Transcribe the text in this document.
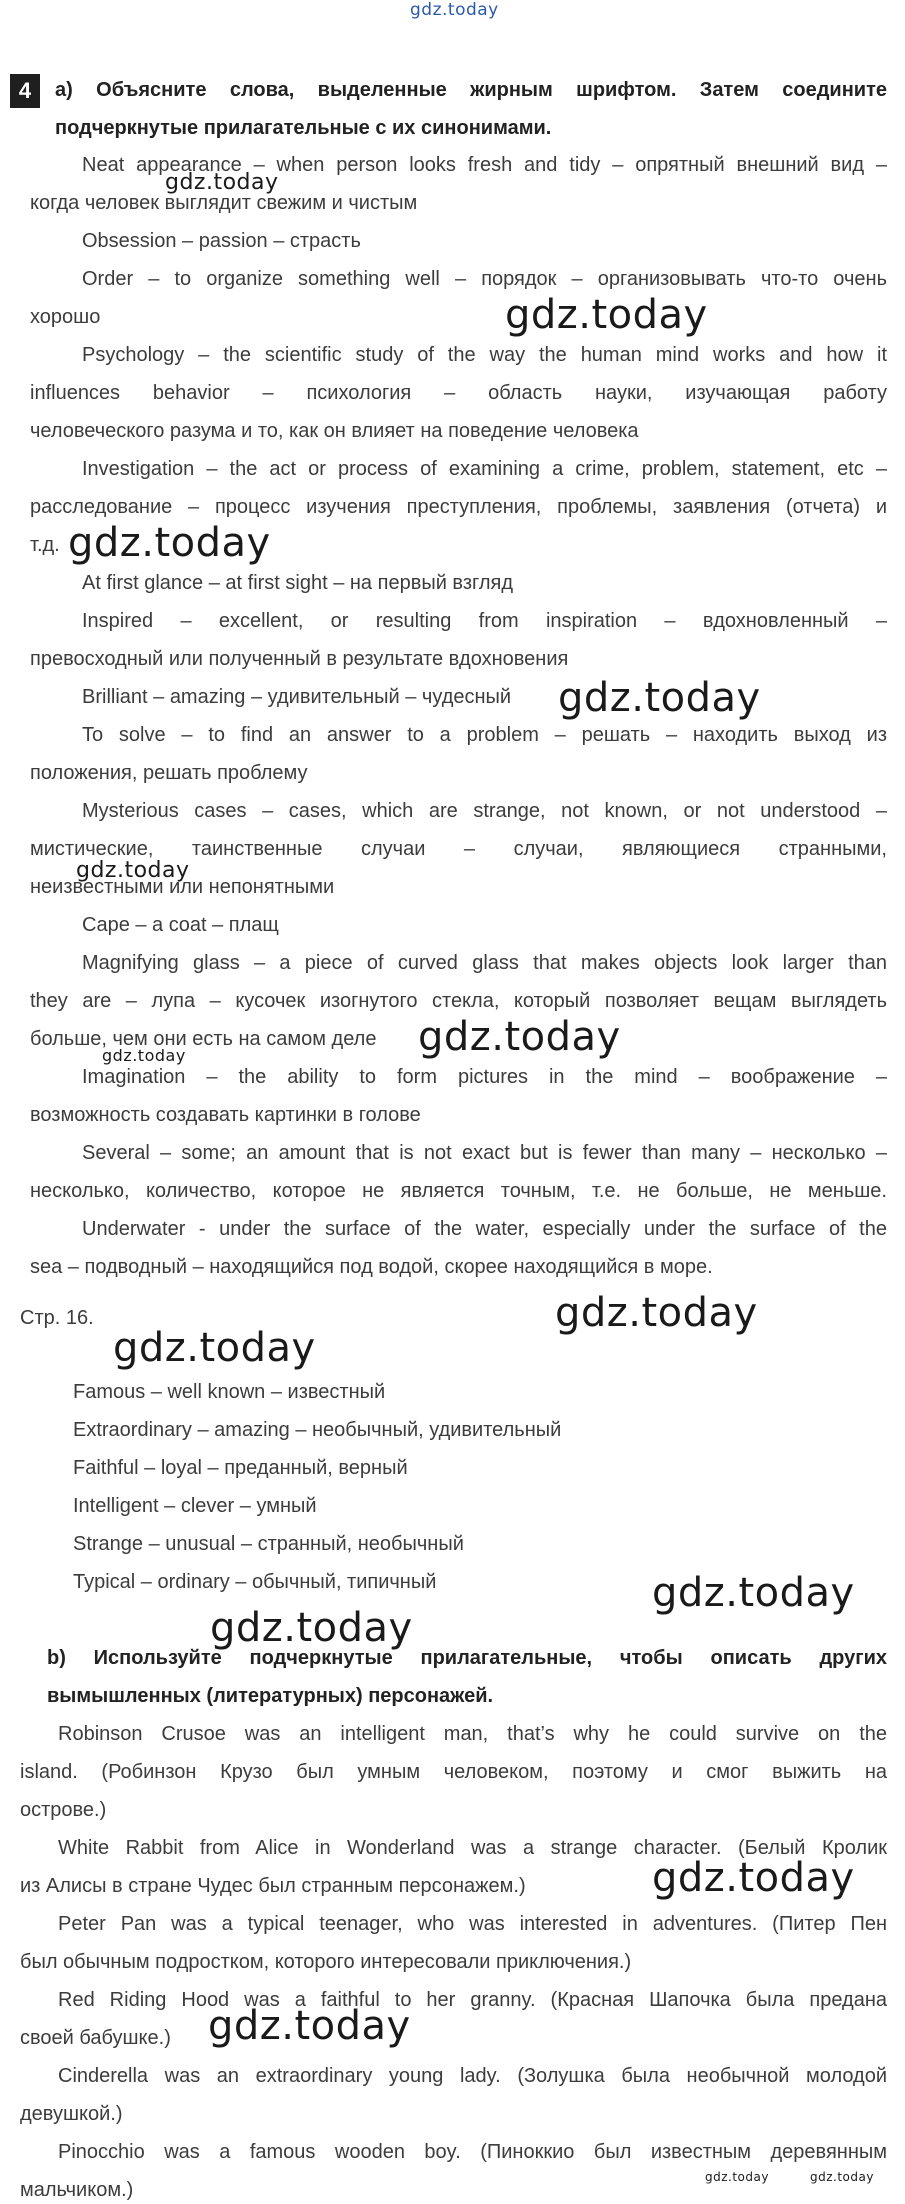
gdz.today
gdz.today
gdz.today
gdz.today
gdz.today
gdz.today
gdz.today
gdz.today
gdz.today
gdz.today
gdz.today
gdz.today
gdz.today
gdz.today
gdz.today	gdz.today
4	a) Объясните слова, выделенные жирным шрифтом. Затем соедините
подчеркнутые прилагательные с их синонимами.
Neat appearance – when person looks fresh and tidy – опрятный внешний вид –
когда человек выглядит свежим и чистым
Obsession – passion – страсть
Order – to organize something well – порядок – организовывать что-то очень
хорошо
Psychology – the scientific study of the way the human mind works and how it
influences behavior – психология – область науки, изучающая работу
человеческого разума и то, как он влияет на поведение человека
Investigation – the act or process of examining a crime, problem, statement, etc –
расследование – процесс изучения преступления, проблемы, заявления (отчета) и
т.д.
At first glance – at first sight – на первый взгляд
Inspired – excellent, or resulting from inspiration – вдохновленный –
превосходный или полученный в результате вдохновения
Brilliant – amazing – удивительный – чудесный
To solve – to find an answer to a problem – решать – находить выход из
положения, решать проблему
Mysterious cases – cases, which are strange, not known, or not understood –
мистические, таинственные случаи – случаи, являющиеся странными,
неизвестными или непонятными
Cape – a coat – плащ
Magnifying glass – a piece of curved glass that makes objects look larger than
they are – лупа – кусочек изогнутого стекла, который позволяет вещам выглядеть
больше, чем они есть на самом деле
Imagination – the ability to form pictures in the mind – воображение –
возможность создавать картинки в голове
Several – some; an amount that is not exact but is fewer than many – несколько –
несколько, количество, которое не является точным, т.е. не больше, не меньше.
Underwater - under the surface of the water, especially under the surface of the
sea – подводный – находящийся под водой, скорее находящийся в море.
Стр. 16.
Famous – well known – известный
Extraordinary – amazing – необычный, удивительный
Faithful – loyal – преданный, верный
Intelligent – clever – умный
Strange – unusual – странный, необычный
Typical – ordinary – обычный, типичный
b) Используйте подчеркнутые прилагательные, чтобы описать других
вымышленных (литературных) персонажей.
Robinson Crusoe was an intelligent man, that’s why he could survive on the
island. (Робинзон Крузо был умным человеком, поэтому и смог выжить на
острове.)
White Rabbit from Alice in Wonderland was a strange character. (Белый Кролик
из Алисы в стране Чудес был странным персонажем.)
Peter Pan was a typical teenager, who was interested in adventures. (Питер Пен
был обычным подростком, которого интересовали приключения.)
Red Riding Hood was a faithful to her granny. (Красная Шапочка была предана
своей бабушке.)
Cinderella was an extraordinary young lady. (Золушка была необычной молодой
девушкой.)
Pinocchio was a famous wooden boy. (Пиноккио был известным деревянным
мальчиком.)
